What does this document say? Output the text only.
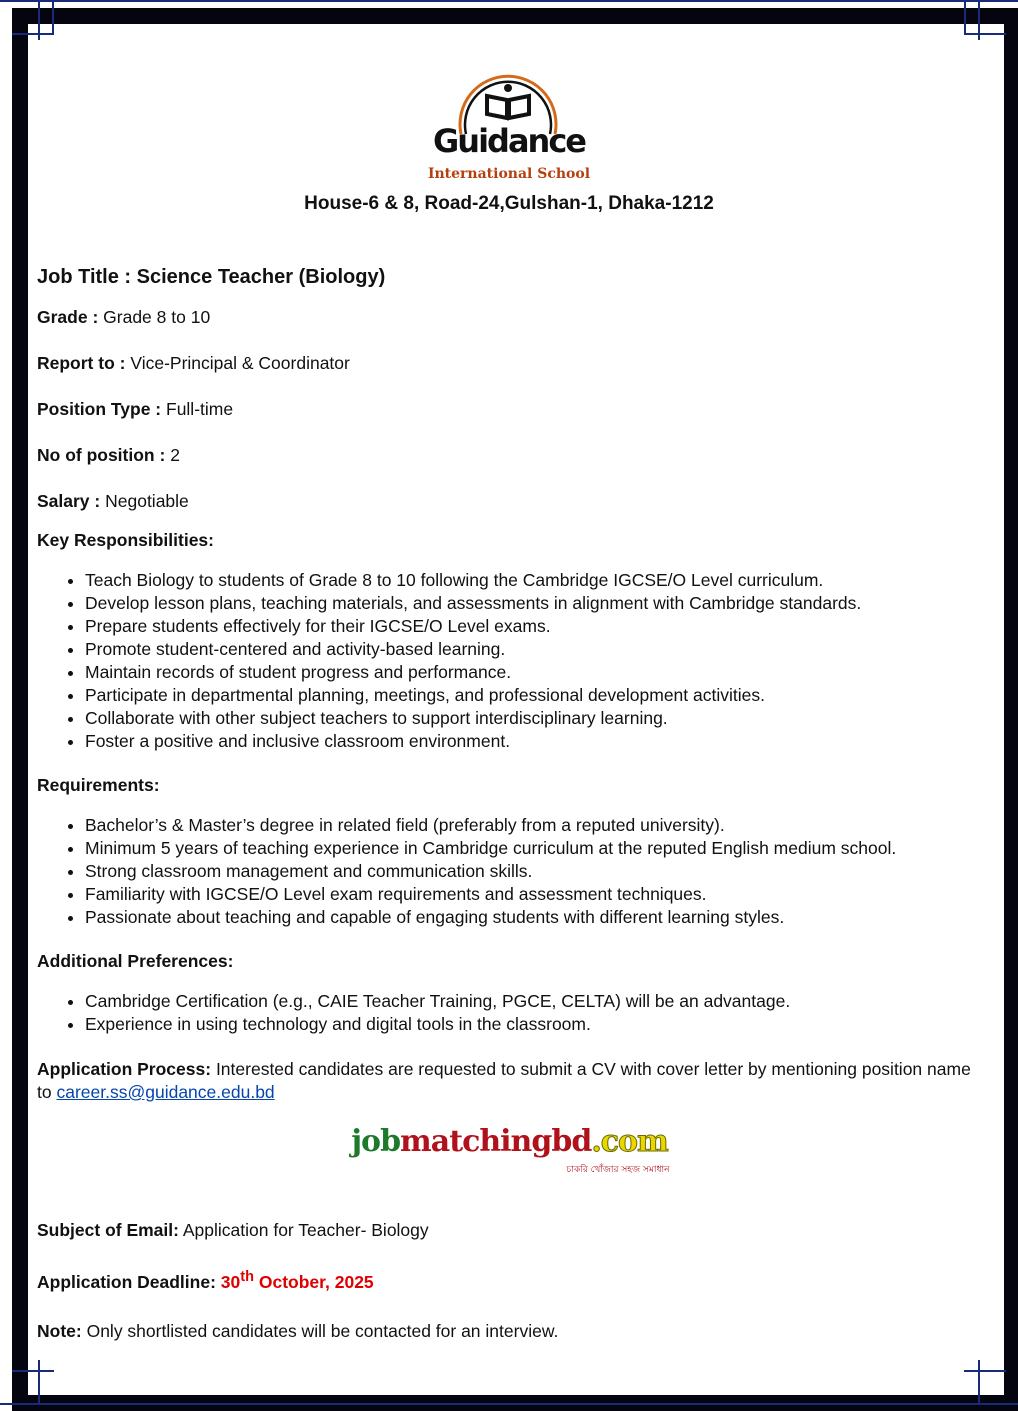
Guidance
International School
House-6 & 8, Road-24,Gulshan-1, Dhaka-1212
Job Title : Science Teacher (Biology)
Grade : Grade 8 to 10
Report to : Vice-Principal & Coordinator
Position Type : Full-time
No of position : 2
Salary : Negotiable
Key Responsibilities:
• Teach Biology to students of Grade 8 to 10 following the Cambridge IGCSE/O Level curriculum.
• Develop lesson plans, teaching materials, and assessments in alignment with Cambridge standards.
• Prepare students effectively for their IGCSE/O Level exams.
• Promote student-centered and activity-based learning.
• Maintain records of student progress and performance.
• Participate in departmental planning, meetings, and professional development activities.
• Collaborate with other subject teachers to support interdisciplinary learning.
• Foster a positive and inclusive classroom environment.
Requirements:
• Bachelor’s & Master’s degree in related field (preferably from a reputed university).
• Minimum 5 years of teaching experience in Cambridge curriculum at the reputed English medium school.
• Strong classroom management and communication skills.
• Familiarity with IGCSE/O Level exam requirements and assessment techniques.
• Passionate about teaching and capable of engaging students with different learning styles.
Additional Preferences:
• Cambridge Certification (e.g., CAIE Teacher Training, PGCE, CELTA) will be an advantage.
• Experience in using technology and digital tools in the classroom.
Application Process: Interested candidates are requested to submit a CV with cover letter by mentioning position name to career.ss@guidance.edu.bd
jobmatchingbd.com
চাকরি খোঁজার সহজ সমাধান
Subject of Email: Application for Teacher- Biology
Application Deadline: 30th October, 2025
Note: Only shortlisted candidates will be contacted for an interview.
